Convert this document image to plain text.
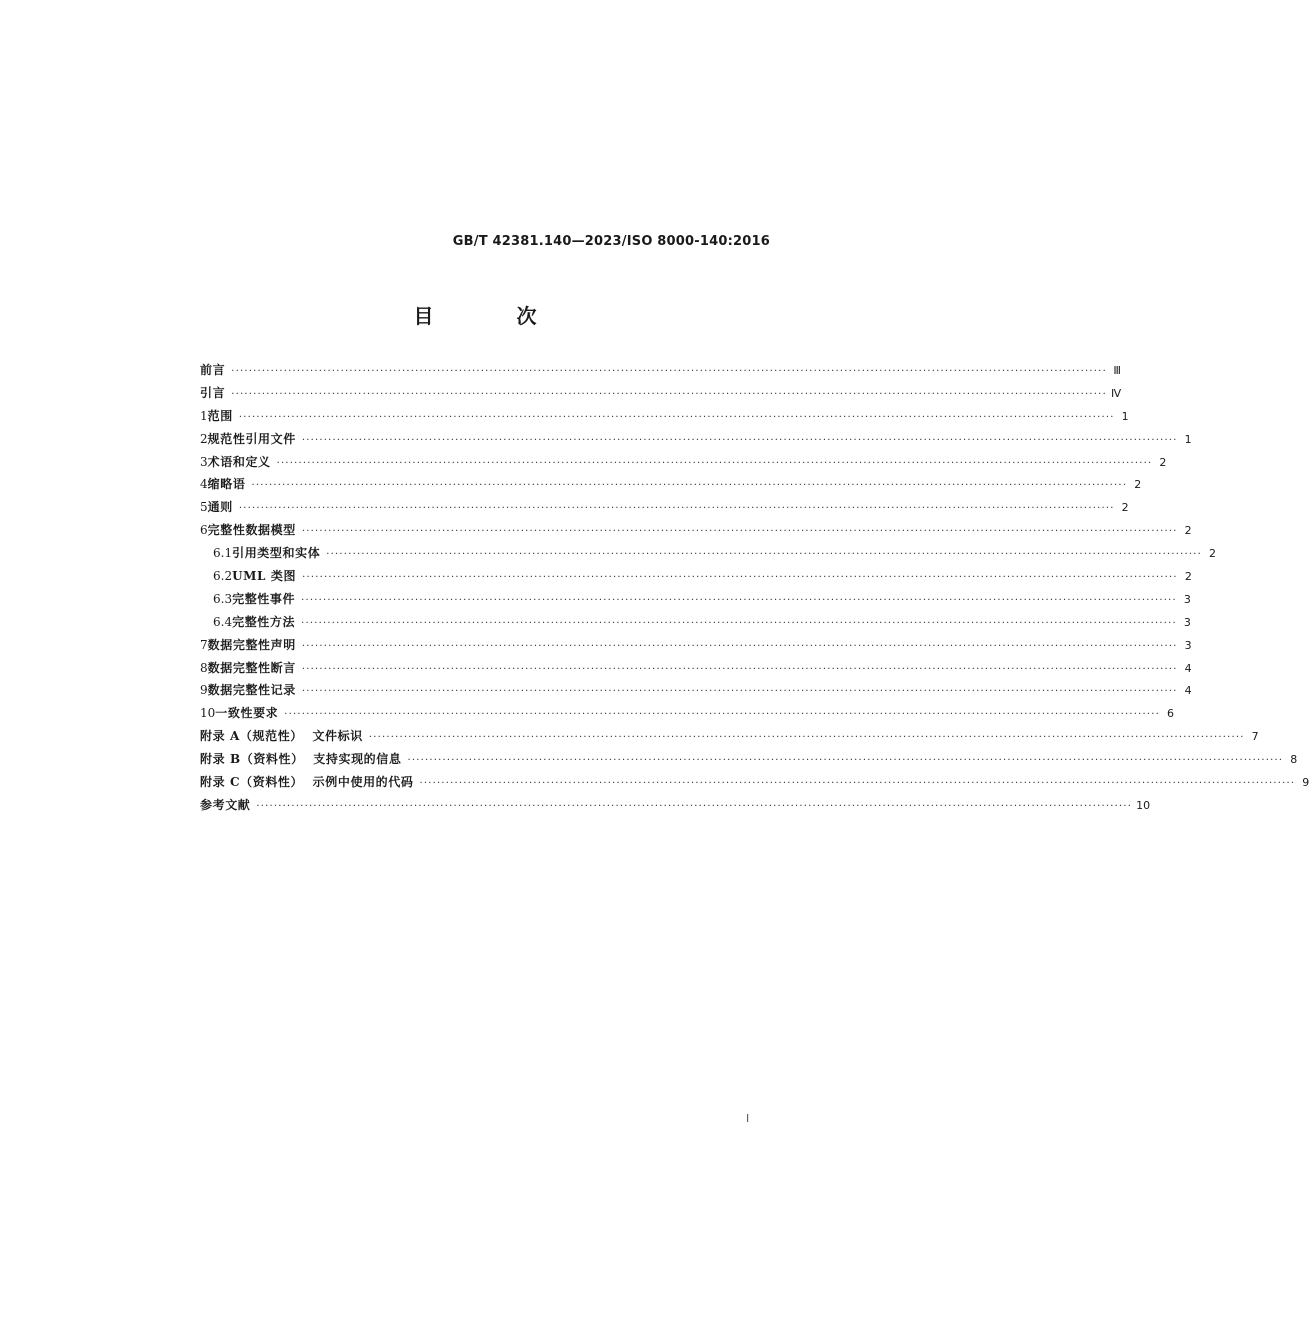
GB/T 42381.140—2023/ISO 8000-140:2016
目 次
前言 ········································································································································································································ Ⅲ
引言 ········································································································································································································ Ⅳ
1 范围 ········································································································································································································ 1
2 规范性引用文件 ········································································································································································································ 1
3 术语和定义 ········································································································································································································ 2
4 缩略语 ········································································································································································································ 2
5 通则 ········································································································································································································ 2
6 完整性数据模型 ········································································································································································································ 2
6.1 引用类型和实体 ········································································································································································································ 2
6.2 UML 类图 ········································································································································································································ 2
6.3 完整性事件 ········································································································································································································ 3
6.4 完整性方法 ········································································································································································································ 3
7 数据完整性声明 ········································································································································································································ 3
8 数据完整性断言 ········································································································································································································ 4
9 数据完整性记录 ········································································································································································································ 4
10 一致性要求 ········································································································································································································ 6
附录 A（规范性）  文件标识 ········································································································································································································ 7
附录 B（资料性）  支持实现的信息 ········································································································································································································ 8
附录 C（资料性）  示例中使用的代码 ········································································································································································································ 9
参考文献 ········································································································································································································ 10
Ⅰ
